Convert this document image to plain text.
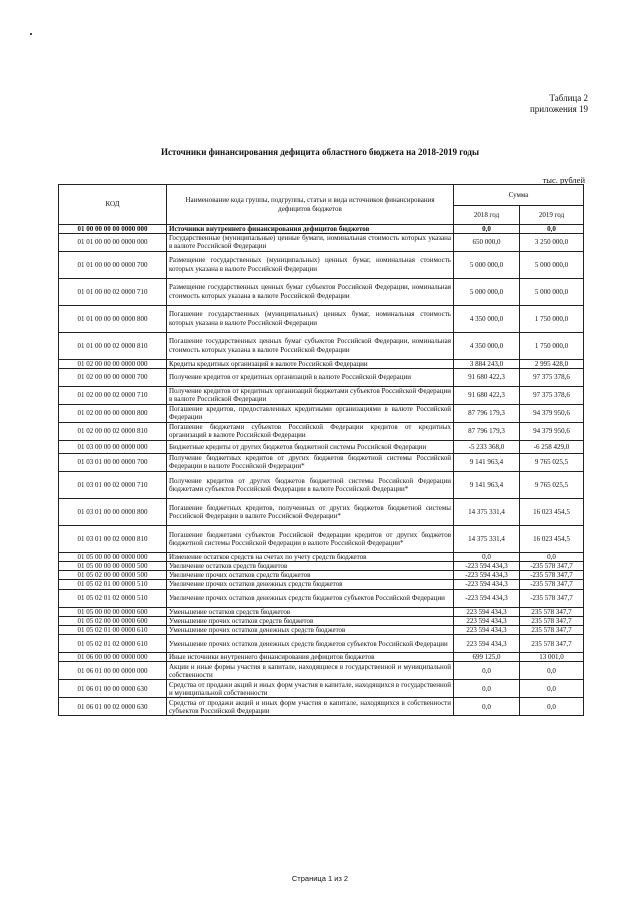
Таблица 2
приложения 19
Источники финансирования дефицита областного бюджета на 2018-2019 годы
тыс. рублей
КОД	Наименование кода группы, подгруппы, статьи и вида источников финансирования дефицитов бюджетов	Сумма	
		2018 год	2019 год
01 00 00 00 00 0000 000	Источники внутреннего финансирования дефицитов бюджетов	0,0	0,0
01 01 00 00 00 0000 000	Государственные (муниципальные) ценные бумаги, номинальная стоимость которых указана в валюте Российской Федерации	650 000,0	3 250 000,0
01 01 00 00 00 0000 700	Размещение государственных (муниципальных) ценных бумаг, номинальная стоимость которых указана в валюте Российской Федерации	5 000 000,0	5 000 000,0
01 01 00 00 02 0000 710	Размещение государственных ценных бумаг субъектов Российской Федерации, номинальная стоимость которых указана в валюте Российской Федерации	5 000 000,0	5 000 000,0
01 01 00 00 00 0000 800	Погашение государственных (муниципальных) ценных бумаг, номинальная стоимость которых указана в валюте Российской Федерации	4 350 000,0	1 750 000,0
01 01 00 00 02 0000 810	Погашение государственных ценных бумаг субъектов Российской Федерации, номинальная стоимость которых указана в валюте Российской Федерации	4 350 000,0	1 750 000,0
01 02 00 00 00 0000 000	Кредиты кредитных организаций в валюте Российской Федерации	3 884 243,0	2 995 428,0
01 02 00 00 00 0000 700	Получение кредитов от кредитных организаций в валюте Российской Федерации	91 680 422,3	97 375 378,6
01 02 00 00 02 0000 710	Получение кредитов от кредитных организаций бюджетами субъектов Российской Федерации в валюте Российской Федерации	91 680 422,3	97 375 378,6
01 02 00 00 00 0000 800	Погашение кредитов, предоставленных кредитными организациями в валюте Российской Федерации	87 796 179,3	94 379 950,6
01 02 00 00 02 0000 810	Погашение бюджетами субъектов Российской Федерации кредитов от кредитных организаций в валюте Российской Федерации	87 796 179,3	94 379 950,6
01 03 00 00 00 0000 000	Бюджетные кредиты от других бюджетов бюджетной системы Российской Федерации	-5 233 368,0	-6 258 429,0
01 03 01 00 00 0000 700	Получение бюджетных кредитов от других бюджетов бюджетной системы Российской Федерации в валюте Российской Федерации*	9 141 963,4	9 765 025,5
01 03 01 00 02 0000 710	Получение кредитов от других бюджетов бюджетной системы Российской Федерации бюджетами субъектов Российской Федерации в валюте Российской Федерации*	9 141 963,4	9 765 025,5
01 03 01 00 00 0000 800	Погашение бюджетных кредитов, полученных от других бюджетов бюджетной системы Российской Федерации в валюте Российской Федерации*	14 375 331,4	16 023 454,5
01 03 01 00 02 0000 810	Погашение бюджетами субъектов Российской Федерации кредитов от других бюджетов бюджетной системы Российской Федерации в валюте Российской Федерации*	14 375 331,4	16 023 454,5
01 05 00 00 00 0000 000	Изменение остатков средств на счетах по учету средств бюджетов	0,0	0,0
01 05 00 00 00 0000 500	Увеличение остатков средств бюджетов	-223 594 434,3	-235 578 347,7
01 05 02 00 00 0000 500	Увеличение прочих остатков средств бюджетов	-223 594 434,3	-235 578 347,7
01 05 02 01 00 0000 510	Увеличение прочих остатков денежных средств бюджетов	-223 594 434,3	-235 578 347,7
01 05 02 01 02 0000 510	Увеличение прочих остатков денежных средств бюджетов субъектов Российской Федерации	-223 594 434,3	-235 578 347,7
01 05 00 00 00 0000 600	Уменьшение остатков средств бюджетов	223 594 434,3	235 578 347,7
01 05 02 00 00 0000 600	Уменьшение прочих остатков средств бюджетов	223 594 434,3	235 578 347,7
01 05 02 01 00 0000 610	Уменьшение прочих остатков денежных средств бюджетов	223 594 434,3	235 578 347,7
01 05 02 01 02 0000 610	Уменьшение прочих остатков денежных средств бюджетов субъектов Российской Федерации	223 594 434,3	235 578 347,7
01 06 00 00 00 0000 000	Иные источники внутреннего финансирования дефицитов бюджетов	699 125,0	13 001,0
01 06 01 00 00 0000 000	Акции и иные формы участия в капитале, находящиеся в государственной и муниципальной собственности	0,0	0,0
01 06 01 00 00 0000 630	Средства от продажи акций и иных форм участия в капитале, находящихся в государственной и муниципальной собственности	0,0	0,0
01 06 01 00 02 0000 630	Средства от продажи акций и иных форм участия в капитале, находящихся в собственности субъектов Российской Федерации	0,0	0,0
Страница 1 из 2
